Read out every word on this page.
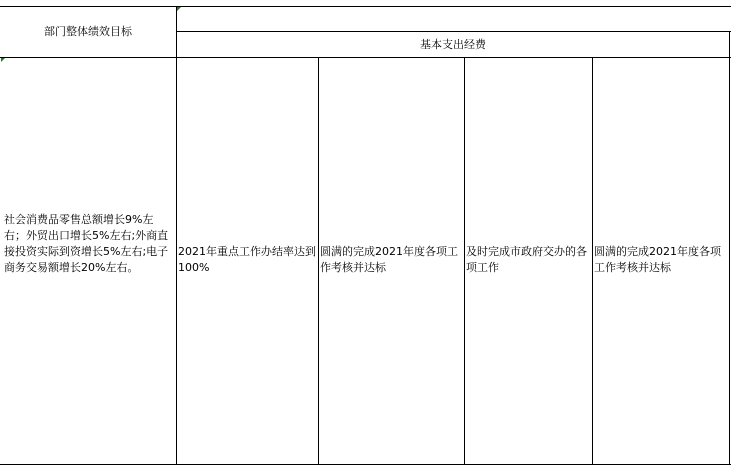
部门整体绩效目标
基本支出经费
社会消费品零售总额增长9%左右；外贸出口增长5%左右;外商直接投资实际到资增长5%左右;电子商务交易额增长20%左右。
2021年重点工作办结率达到100%
圆满的完成2021年度各项工作考核并达标
及时完成市政府交办的各项工作
圆满的完成2021年度各项工作考核并达标
